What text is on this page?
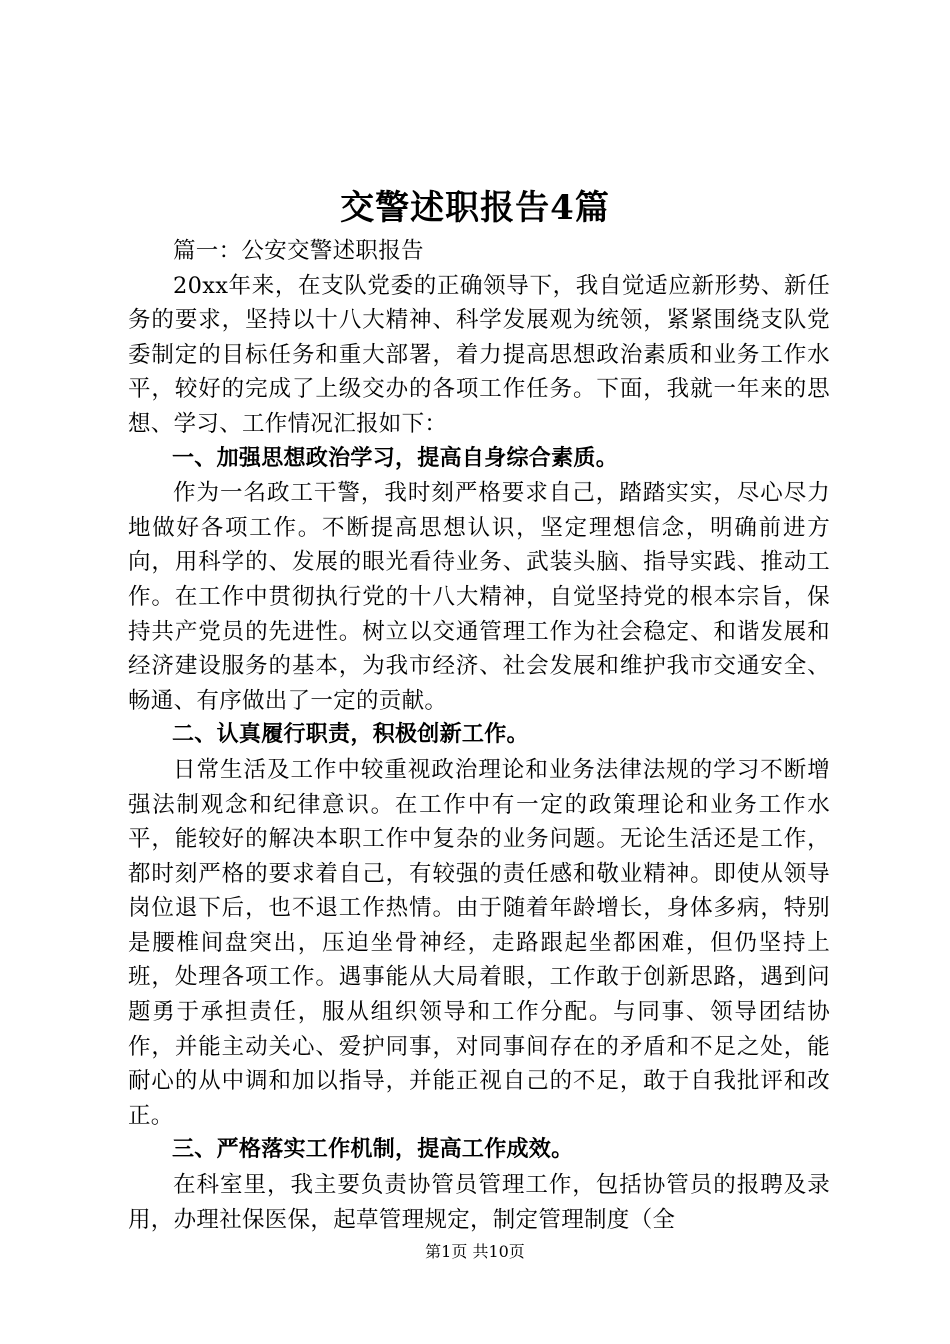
交警述职报告4篇

篇一：公安交警述职报告

20xx年来，在支队党委的正确领导下，我自觉适应新形势、新任务的要求，坚持以十八大精神、科学发展观为统领，紧紧围绕支队党委制定的目标任务和重大部署，着力提高思想政治素质和业务工作水平，较好的完成了上级交办的各项工作任务。下面，我就一年来的思想、学习、工作情况汇报如下：

一、加强思想政治学习，提高自身综合素质。

作为一名政工干警，我时刻严格要求自己，踏踏实实，尽心尽力地做好各项工作。不断提高思想认识，坚定理想信念，明确前进方向，用科学的、发展的眼光看待业务、武装头脑、指导实践、推动工作。在工作中贯彻执行党的十八大精神，自觉坚持党的根本宗旨，保持共产党员的先进性。树立以交通管理工作为社会稳定、和谐发展和经济建设服务的基本，为我市经济、社会发展和维护我市交通安全、畅通、有序做出了一定的贡献。

二、认真履行职责，积极创新工作。

日常生活及工作中较重视政治理论和业务法律法规的学习不断增强法制观念和纪律意识。在工作中有一定的政策理论和业务工作水平，能较好的解决本职工作中复杂的业务问题。无论生活还是工作，都时刻严格的要求着自己，有较强的责任感和敬业精神。即使从领导岗位退下后，也不退工作热情。由于随着年龄增长，身体多病，特别是腰椎间盘突出，压迫坐骨神经，走路跟起坐都困难，但仍坚持上班，处理各项工作。遇事能从大局着眼，工作敢于创新思路，遇到问题勇于承担责任，服从组织领导和工作分配。与同事、领导团结协作，并能主动关心、爱护同事，对同事间存在的矛盾和不足之处，能耐心的从中调和加以指导，并能正视自己的不足，敢于自我批评和改正。

三、严格落实工作机制，提高工作成效。

在科室里，我主要负责协管员管理工作，包括协管员的报聘及录用，办理社保医保，起草管理规定，制定管理制度（全

第1页 共10页
